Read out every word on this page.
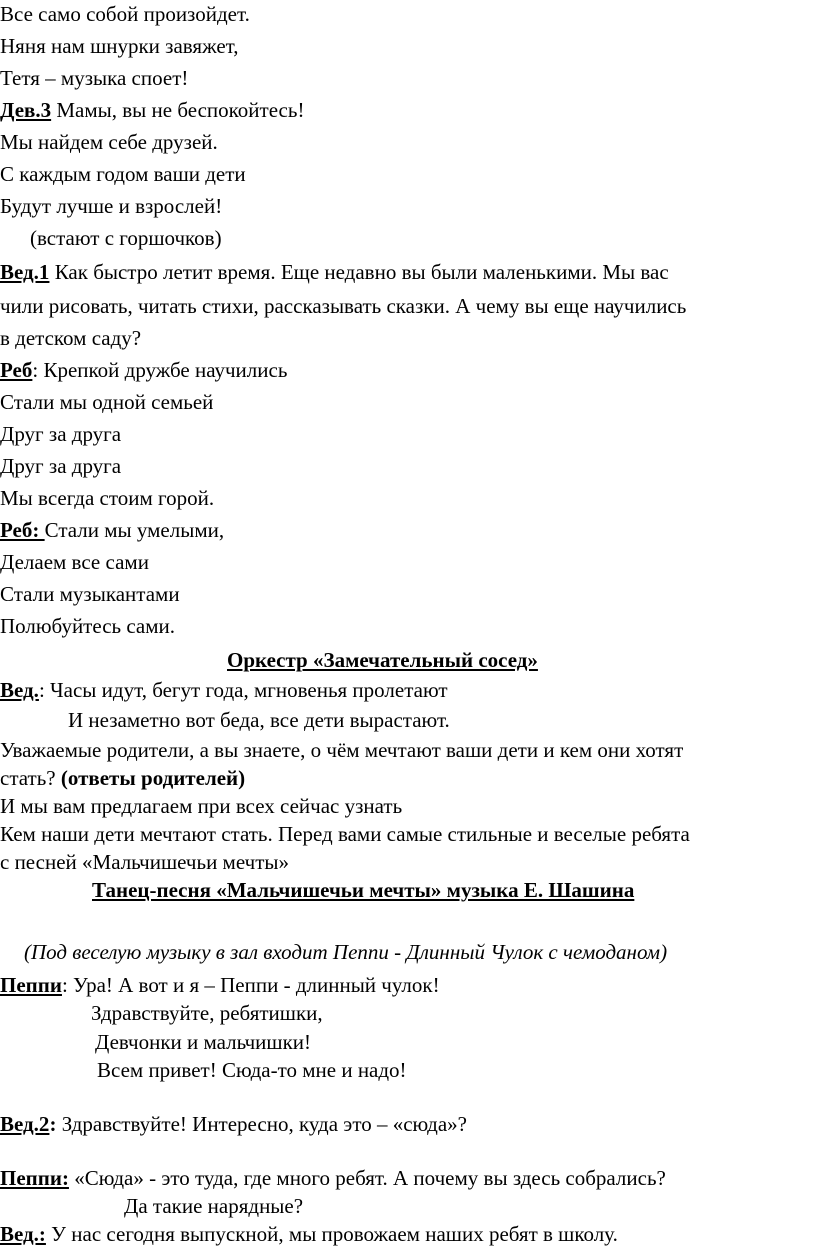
Все само собой произойдет.
Няня нам шнурки завяжет,
Тетя – музыка споет!
Дев.3 Мамы, вы не беспокойтесь!
Мы найдем себе друзей.
С каждым годом ваши дети
Будут лучше и взрослей!
(встают с горшочков)
Вед.1 Как быстро летит время. Еще недавно вы были маленькими. Мы вас
чили рисовать, читать стихи, рассказывать сказки. А чему вы еще научились
в детском саду?
Реб: Крепкой дружбе научились
Стали мы одной семьей
Друг за друга
Друг за друга
Мы всегда стоим горой.
Реб: Стали мы умелыми,
Делаем все сами
Стали музыкантами
Полюбуйтесь сами.
Оркестр «Замечательный сосед»
Вед.: Часы идут, бегут года, мгновенья пролетают
И незаметно вот беда, все дети вырастают.
Уважаемые родители, а вы знаете, о чём мечтают ваши дети и кем они хотят
стать? (ответы родителей)
И мы вам предлагаем при всех сейчас узнать
Кем наши дети мечтают стать. Перед вами самые стильные и веселые ребята
с песней «Мальчишечьи мечты»
Танец-песня «Мальчишечьи мечты» музыка Е. Шашина
(Под веселую музыку в зал входит Пеппи - Длинный Чулок с чемоданом)
Пеппи: Ура! А вот и я – Пеппи - длинный чулок!
Здравствуйте, ребятишки,
Девчонки и мальчишки!
Всем привет! Сюда-то мне и надо!
Вед.2: Здравствуйте! Интересно, куда это – «сюда»?
Пеппи: «Сюда» - это туда, где много ребят. А почему вы здесь собрались?
Да такие нарядные?
Вед.: У нас сегодня выпускной, мы провожаем наших ребят в школу.
